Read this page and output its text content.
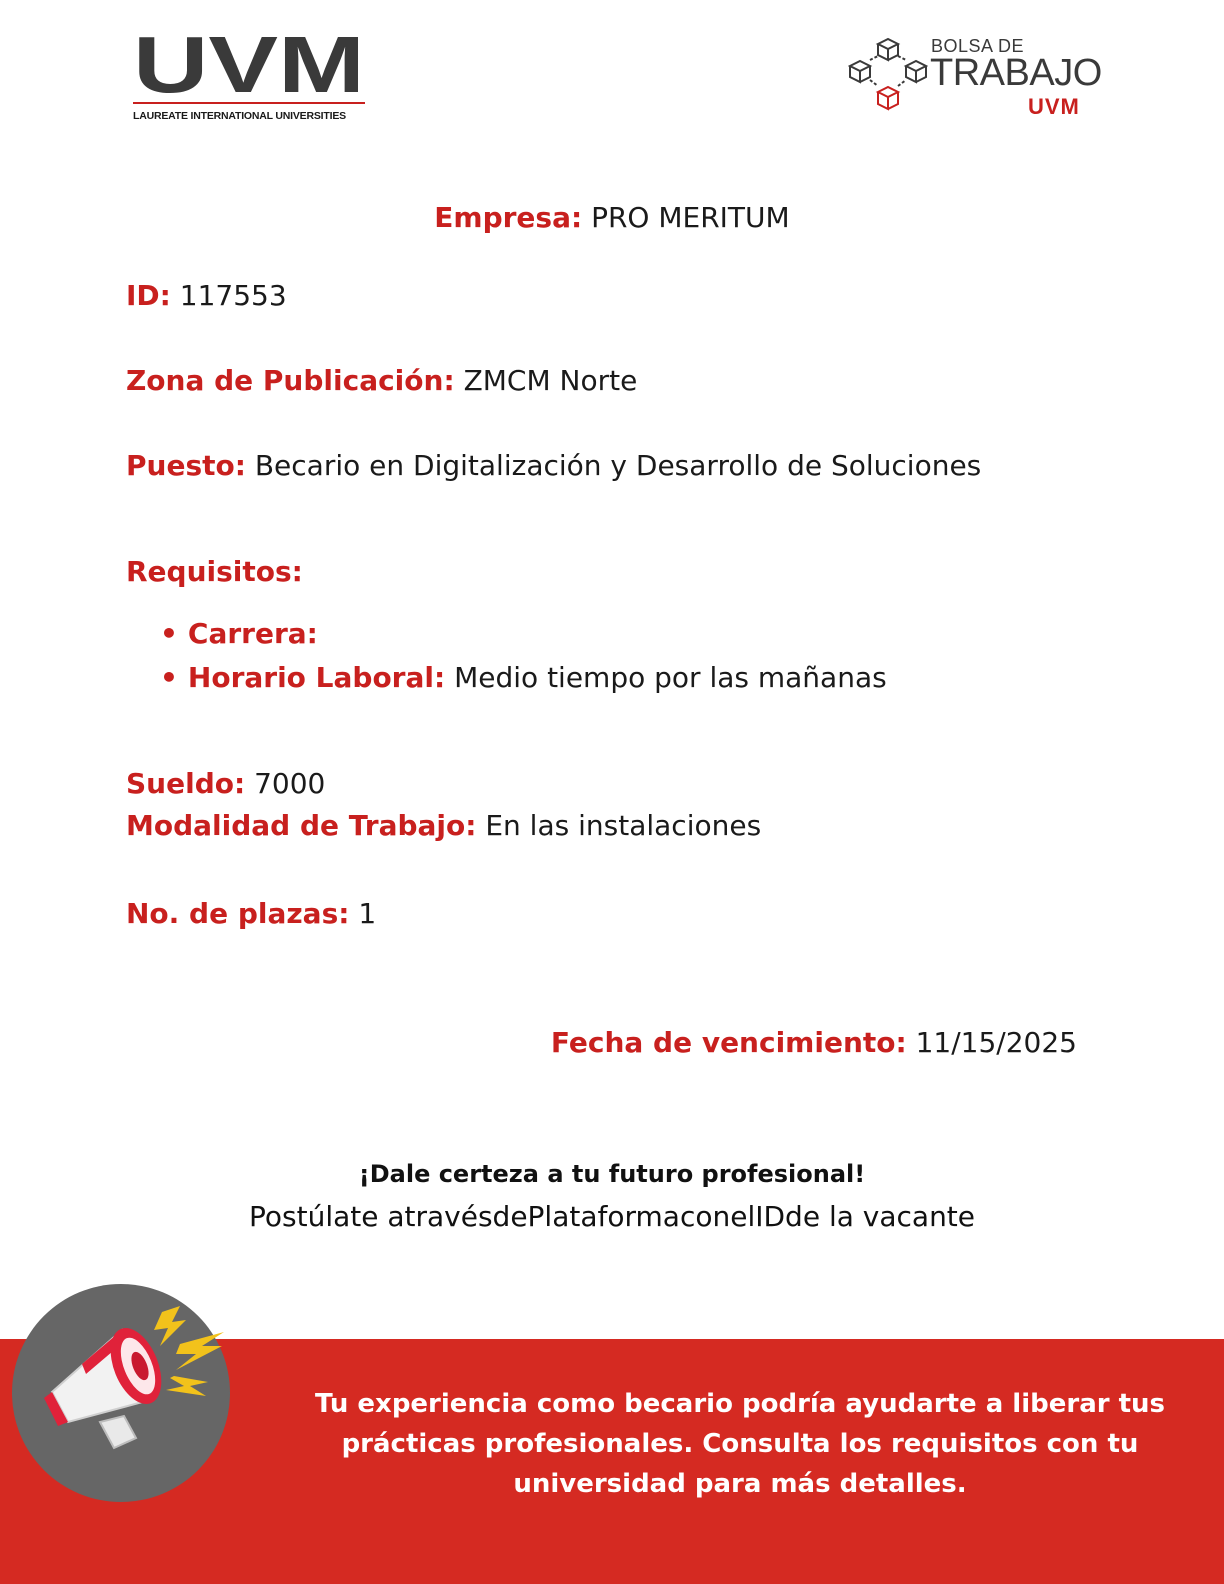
UVM
LAUREATE INTERNATIONAL UNIVERSITIES
BOLSA DE
TRABAJO
UVM
Empresa: PRO MERITUM
ID: 117553
Zona de Publicación: ZMCM Norte
Puesto: Becario en Digitalización y Desarrollo de Soluciones
Requisitos:
• Carrera:
• Horario Laboral: Medio tiempo por las mañanas
Sueldo: 7000
Modalidad de Trabajo: En las instalaciones
No. de plazas: 1
Fecha de vencimiento: 11/15/2025
¡Dale certeza a tu futuro profesional!
Postúlate atravésdePlataformaconelIDde la vacante
Tu experiencia como becario podría ayudarte a liberar tus prácticas profesionales. Consulta los requisitos con tu universidad para más detalles.
